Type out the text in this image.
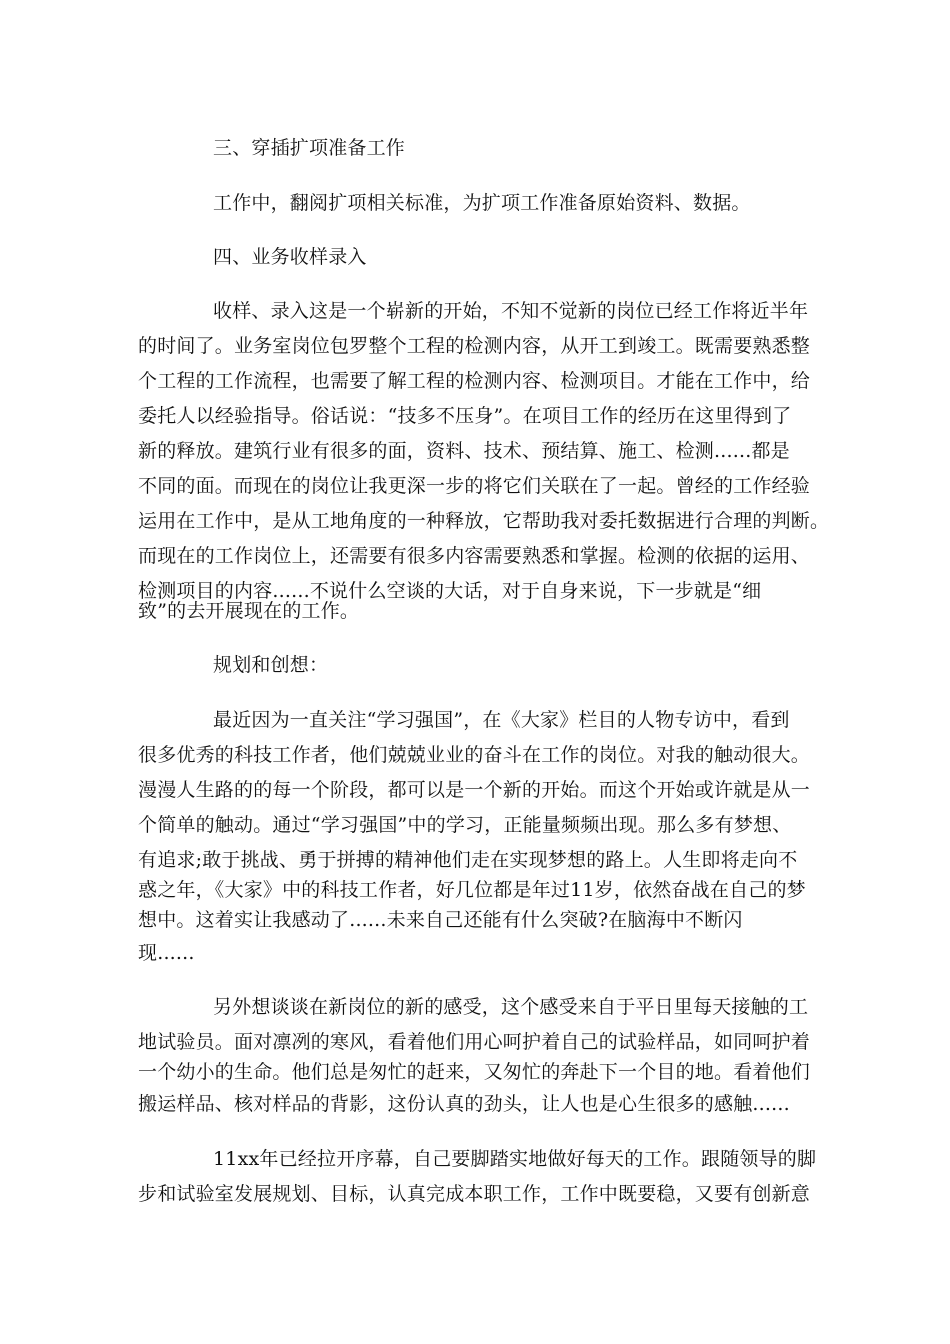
三、穿插扩项准备工作
工作中，翻阅扩项相关标准，为扩项工作准备原始资料、数据。
四、业务收样录入
收样、录入这是一个崭新的开始，不知不觉新的岗位已经工作将近半年
的时间了。业务室岗位包罗整个工程的检测内容，从开工到竣工。既需要熟悉整
个工程的工作流程，也需要了解工程的检测内容、检测项目。才能在工作中，给
委托人以经验指导。俗话说：“技多不压身”。在项目工作的经历在这里得到了
新的释放。建筑行业有很多的面，资料、技术、预结算、施工、检测......都是
不同的面。而现在的岗位让我更深一步的将它们关联在了一起。曾经的工作经验
运用在工作中，是从工地角度的一种释放，它帮助我对委托数据进行合理的判断。
而现在的工作岗位上，还需要有很多内容需要熟悉和掌握。检测的依据的运用、
检测项目的内容......不说什么空谈的大话，对于自身来说，下一步就是“细
致”的去开展现在的工作。
规划和创想：
最近因为一直关注“学习强国”，在《大家》栏目的人物专访中，看到
很多优秀的科技工作者，他们兢兢业业的奋斗在工作的岗位。对我的触动很大。
漫漫人生路的的每一个阶段，都可以是一个新的开始。而这个开始或许就是从一
个简单的触动。通过“学习强国”中的学习，正能量频频出现。那么多有梦想、
有追求;敢于挑战、勇于拼搏的精神他们走在实现梦想的路上。人生即将走向不
惑之年，《大家》中的科技工作者，好几位都是年过11岁，依然奋战在自己的梦
想中。这着实让我感动了......未来自己还能有什么突破?在脑海中不断闪
现......
另外想谈谈在新岗位的新的感受，这个感受来自于平日里每天接触的工
地试验员。面对凛冽的寒风，看着他们用心呵护着自己的试验样品，如同呵护着
一个幼小的生命。他们总是匆忙的赶来，又匆忙的奔赴下一个目的地。看着他们
搬运样品、核对样品的背影，这份认真的劲头，让人也是心生很多的感触......
11xx年已经拉开序幕，自己要脚踏实地做好每天的工作。跟随领导的脚
步和试验室发展规划、目标，认真完成本职工作，工作中既要稳，又要有创新意
